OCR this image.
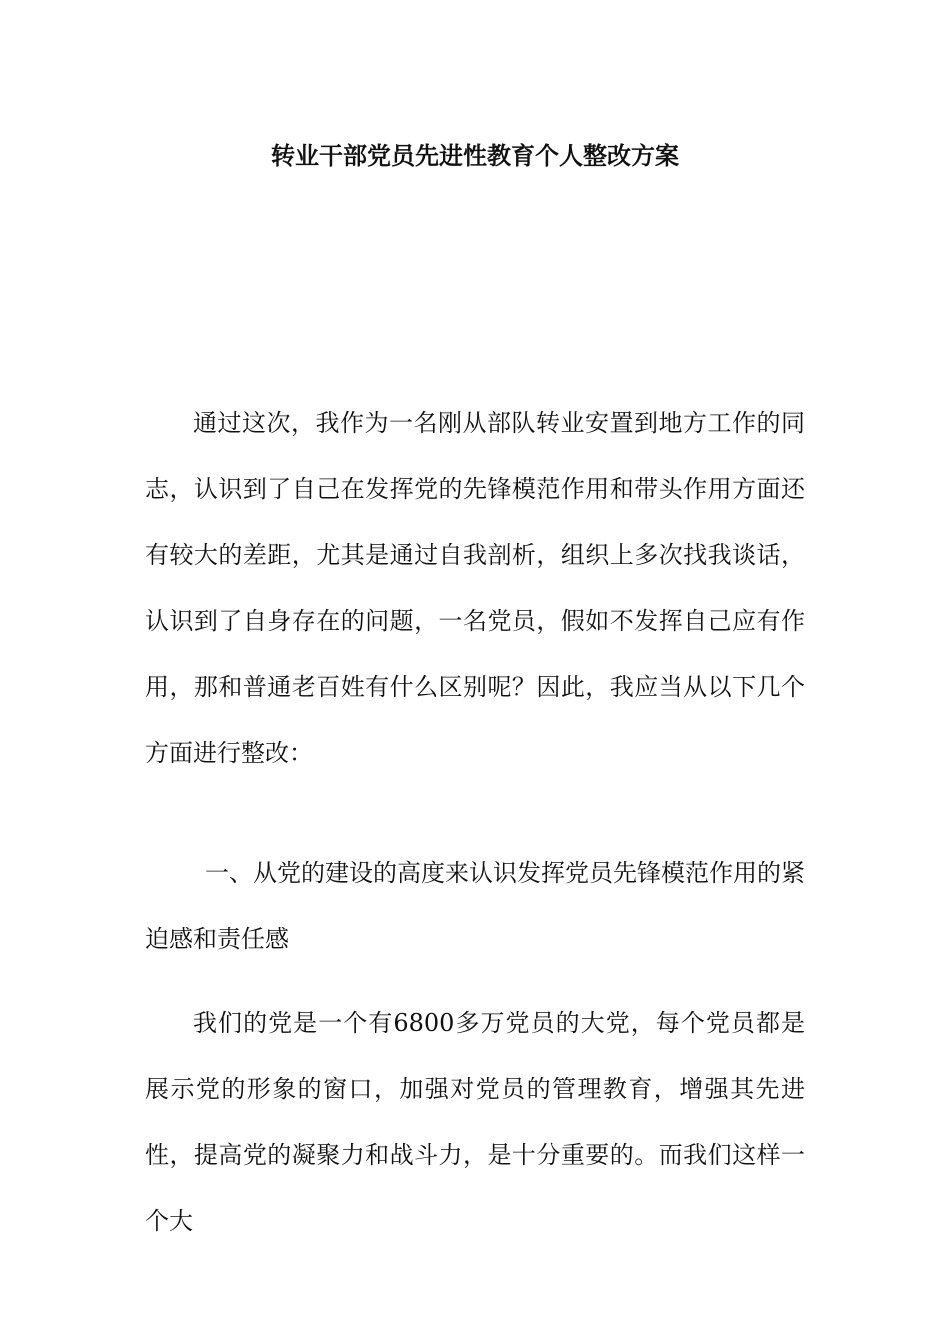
转业干部党员先进性教育个人整改方案

通过这次，我作为一名刚从部队转业安置到地方工作的同志，认识到了自己在发挥党的先锋模范作用和带头作用方面还有较大的差距，尤其是通过自我剖析，组织上多次找我谈话，认识到了自身存在的问题，一名党员，假如不发挥自己应有作用，那和普通老百姓有什么区别呢？因此，我应当从以下几个方面进行整改：

一、从党的建设的高度来认识发挥党员先锋模范作用的紧迫感和责任感

我们的党是一个有6800多万党员的大党，每个党员都是展示党的形象的窗口，加强对党员的管理教育，增强其先进性，提高党的凝聚力和战斗力，是十分重要的。而我们这样一个大
